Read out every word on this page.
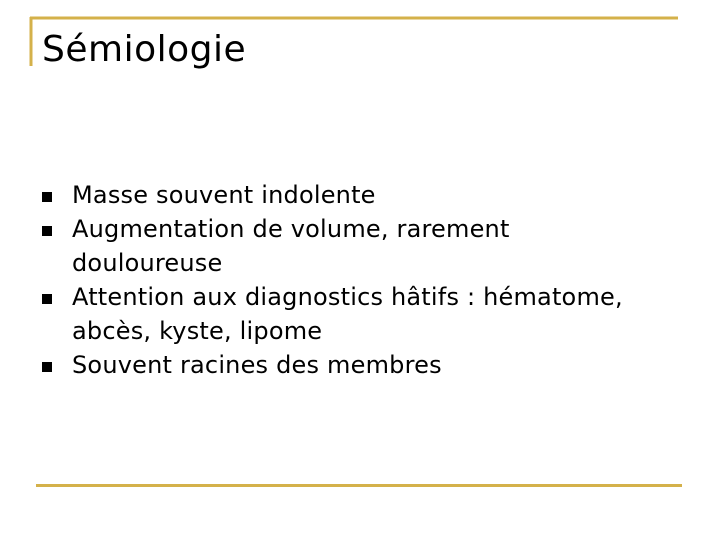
Sémiologie
Masse souvent indolente
Augmentation de volume, rarement douloureuse
Attention aux diagnostics hâtifs : hématome, abcès, kyste, lipome
Souvent racines des membres
